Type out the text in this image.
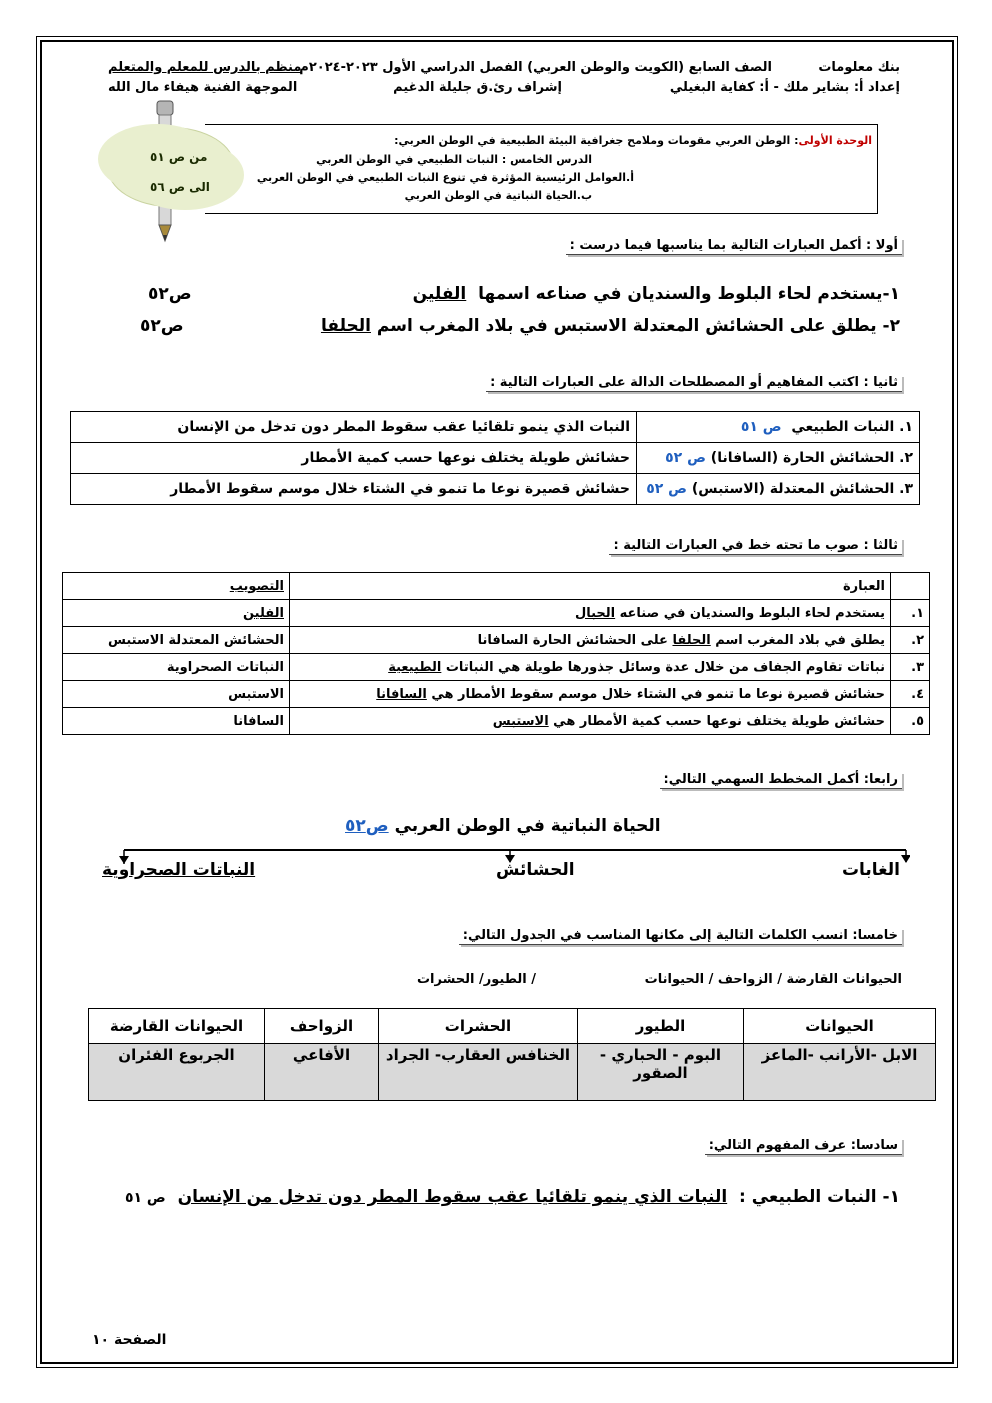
بنك معلومات
الصف السابع (الكويت والوطن العربي) الفصل الدراسي الأول ٢٠٢٣-٢٠٢٤م
إعداد أ: بشاير ملك - أ: كفاية البغيلي
إشراف رئ.ق جليلة الدغيم
منظم بالدرس للمعلم والمتعلم
الموجهة الفنية هيفاء مال الله
الوحدة الأولى: الوطن العربي مقومات وملامح جغرافية البيئة الطبيعية في الوطن العربي:
الدرس الخامس : النبات الطبيعي في الوطن العربي
أ.العوامل الرئيسية المؤثرة في تنوع النبات الطبيعي في الوطن العربي
ب.الحياة النباتية في الوطن العربي
من ص ٥١
الى ص ٥٦
أولا : أكمل العبارات التالية بما يناسبها فيما درست :
١-يستخدم لحاء البلوط والسنديان في صناعه اسمها  الفلين
ص٥٢
٢- يطلق على الحشائش المعتدلة الاستبس في بلاد المغرب اسم الحلفا
ص٥٢
ثانيا : اكتب المفاهيم أو المصطلحات الدالة على العبارات التالية :
١. النبات الطبيعي  ص ٥١	النبات الذي ينمو تلقائيا عقب سقوط المطر دون تدخل من الإنسان
٢. الحشائش الحارة (السافانا) ص ٥٢	حشائش طويلة يختلف نوعها حسب كمية الأمطار
٣. الحشائش المعتدلة (الاستبس) ص ٥٢	حشائش قصيرة نوعا ما تنمو في الشتاء خلال موسم سقوط الأمطار
ثالثا : صوب ما تحته خط في العبارات التالية :
	العبارة	التصويب
١.	يستخدم لحاء البلوط والسنديان في صناعه الحبال	الفلين
٢.	يطلق في بلاد المغرب اسم الحلفا على الحشائش الحارة السافانا	الحشائش المعتدلة الاستبس
٣.	نباتات تقاوم الجفاف من خلال عدة وسائل جذورها طويلة هي النباتات الطبيعية	النباتات الصحراوية
٤.	حشائش قصيرة نوعا ما تنمو في الشتاء خلال موسم سقوط الأمطار هي السافانا	الاستبس
٥.	حشائش طويلة يختلف نوعها حسب كمية الأمطار هي الاستبس	السافانا
رابعا: أكمل المخطط السهمي التالي:
الحياة النباتية في الوطن العربي ص٥٢
الغابات
الحشائش
النباتات الصحراوية
خامسا: انسب الكلمات التالية إلى مكانها المناسب في الجدول التالي:
الحيوانات القارضة / الزواحف / الحيوانات
/ الطيور/ الحشرات
الحيوانات	الطيور	الحشرات	الزواحف	الحيوانات القارضة
الابل -الأرانب -الماعز	البوم - الحباري - الصقور	الخنافس العقارب- الجراد	الأفاعي	الجربوع الفئران
سادسا: عرف المفهوم التالي:
١- النبات الطبيعي :  النبات الذي ينمو تلقائيا عقب سقوط المطر دون تدخل من الإنسان  ص ٥١
الصفحة ١٠
